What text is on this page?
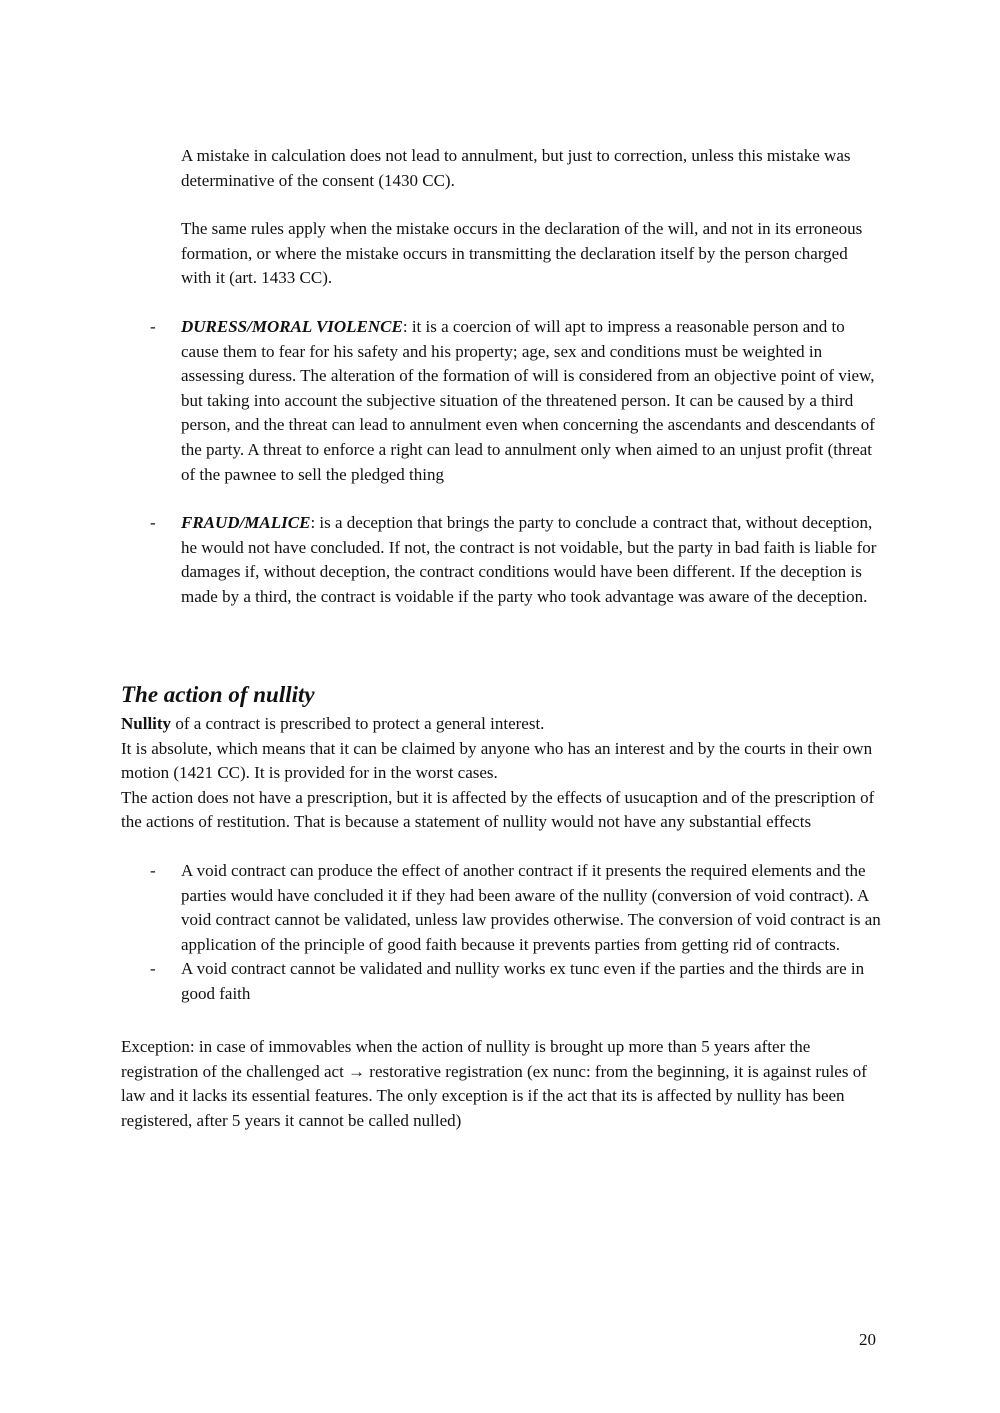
A mistake in calculation does not lead to annulment, but just to correction, unless this mistake was determinative of the consent (1430 CC).

The same rules apply when the mistake occurs in the declaration of the will, and not in its erroneous formation, or where the mistake occurs in transmitting the declaration itself by the person charged with it (art. 1433 CC).

-	DURESS/MORAL VIOLENCE: it is a coercion of will apt to impress a reasonable person and to cause them to fear for his safety and his property; age, sex and conditions must be weighted in assessing duress. The alteration of the formation of will is considered from an objective point of view, but taking into account the subjective situation of the threatened person. It can be caused by a third person, and the threat can lead to annulment even when concerning the ascendants and descendants of the party. A threat to enforce a right can lead to annulment only when aimed to an unjust profit (threat of the pawnee to sell the pledged thing
-	FRAUD/MALICE: is a deception that brings the party to conclude a contract that, without deception, he would not have concluded. If not, the contract is not voidable, but the party in bad faith is liable for damages if, without deception, the contract conditions would have been different. If the deception is made by a third, the contract is voidable if the party who took advantage was aware of the deception.
The action of nullity

Nullity of a contract is prescribed to protect a general interest.

It is absolute, which means that it can be claimed by anyone who has an interest and by the courts in their own motion (1421 CC). It is provided for in the worst cases.

The action does not have a prescription, but it is affected by the effects of usucaption and of the prescription of the actions of restitution. That is because a statement of nullity would not have any substantial effects

- A void contract can produce the effect of another contract if it presents the required elements and the parties would have concluded it if they had been aware of the nullity (conversion of void contract). A void contract cannot be validated, unless law provides otherwise. The conversion of void contract is an application of the principle of good faith because it prevents parties from getting rid of contracts.

- A void contract cannot be validated and nullity works ex tunc even if the parties and the thirds are in good faith

Exception: in case of immovables when the action of nullity is brought up more than 5 years after the registration of the challenged act → restorative registration (ex nunc: from the beginning, it is against rules of law and it lacks its essential features. The only exception is if the act that its is affected by nullity has been registered, after 5 years it cannot be called nulled)

20
